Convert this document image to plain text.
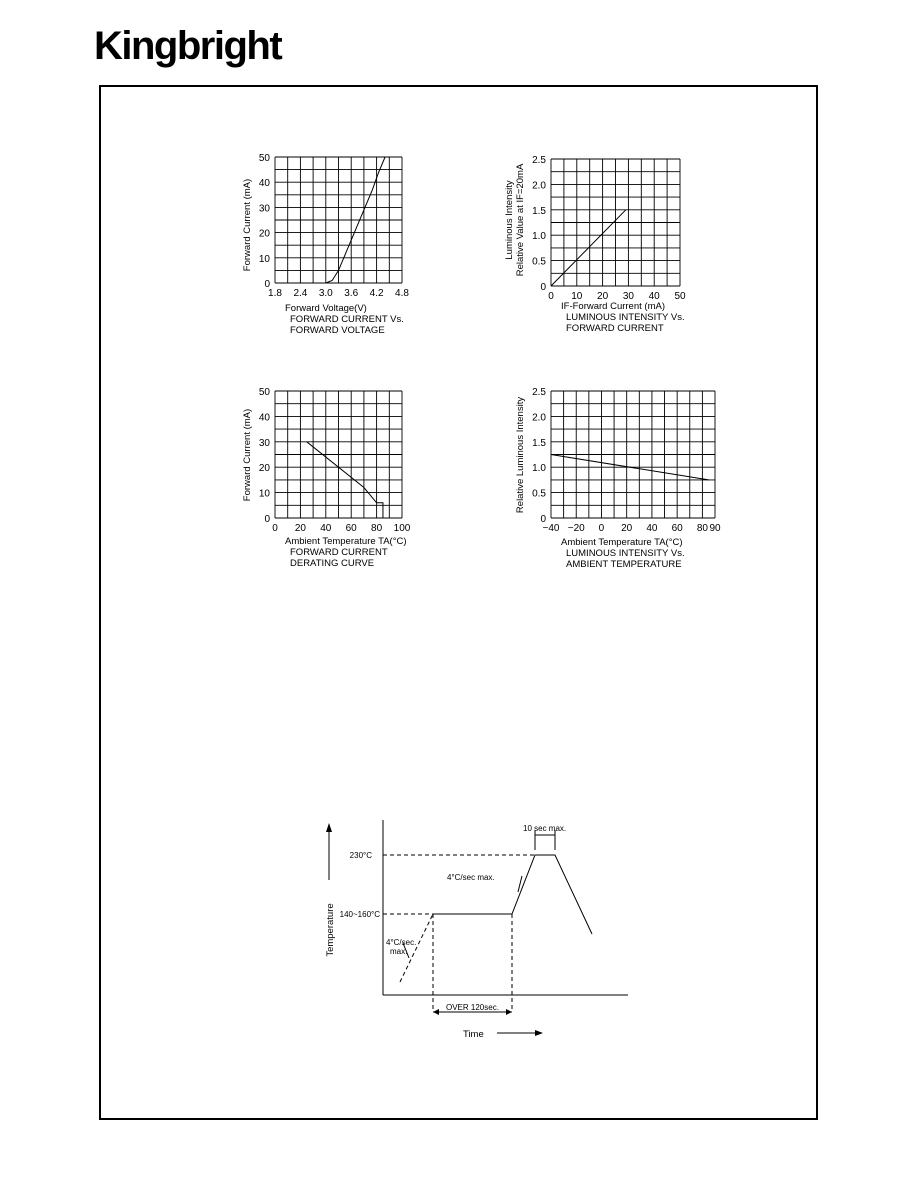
Kingbright
1.8 2.4 3.0 3.6 4.2 4.8
0
10
20
30
40
50
Forward Current (mA)
Forward Voltage(V)
FORWARD CURRENT Vs.
FORWARD VOLTAGE
0 10 20 30 40 50
0
0.5
1.0
1.5
2.0
2.5
Luminous Intensity Relative Value at IF=20mA
IF-Forward Current (mA)
LUMINOUS INTENSITY Vs.
FORWARD CURRENT
0 20 40 60 80 100
0
10
20
30
40
50
Forward Current (mA)
Ambient Temperature TA(°C)
FORWARD CURRENT
DERATING CURVE
−40 −20 0 20 40 60 80 90
0
0.5
1.0
1.5
2.0
2.5
Relative Luminous Intensity
Ambient Temperature TA(°C)
LUMINOUS INTENSITY Vs.
AMBIENT TEMPERATURE
230°C
140~160°C
4°C/sec.
max.
4°C/sec max.
10 sec max.
OVER 120sec.
Time
Temperature
